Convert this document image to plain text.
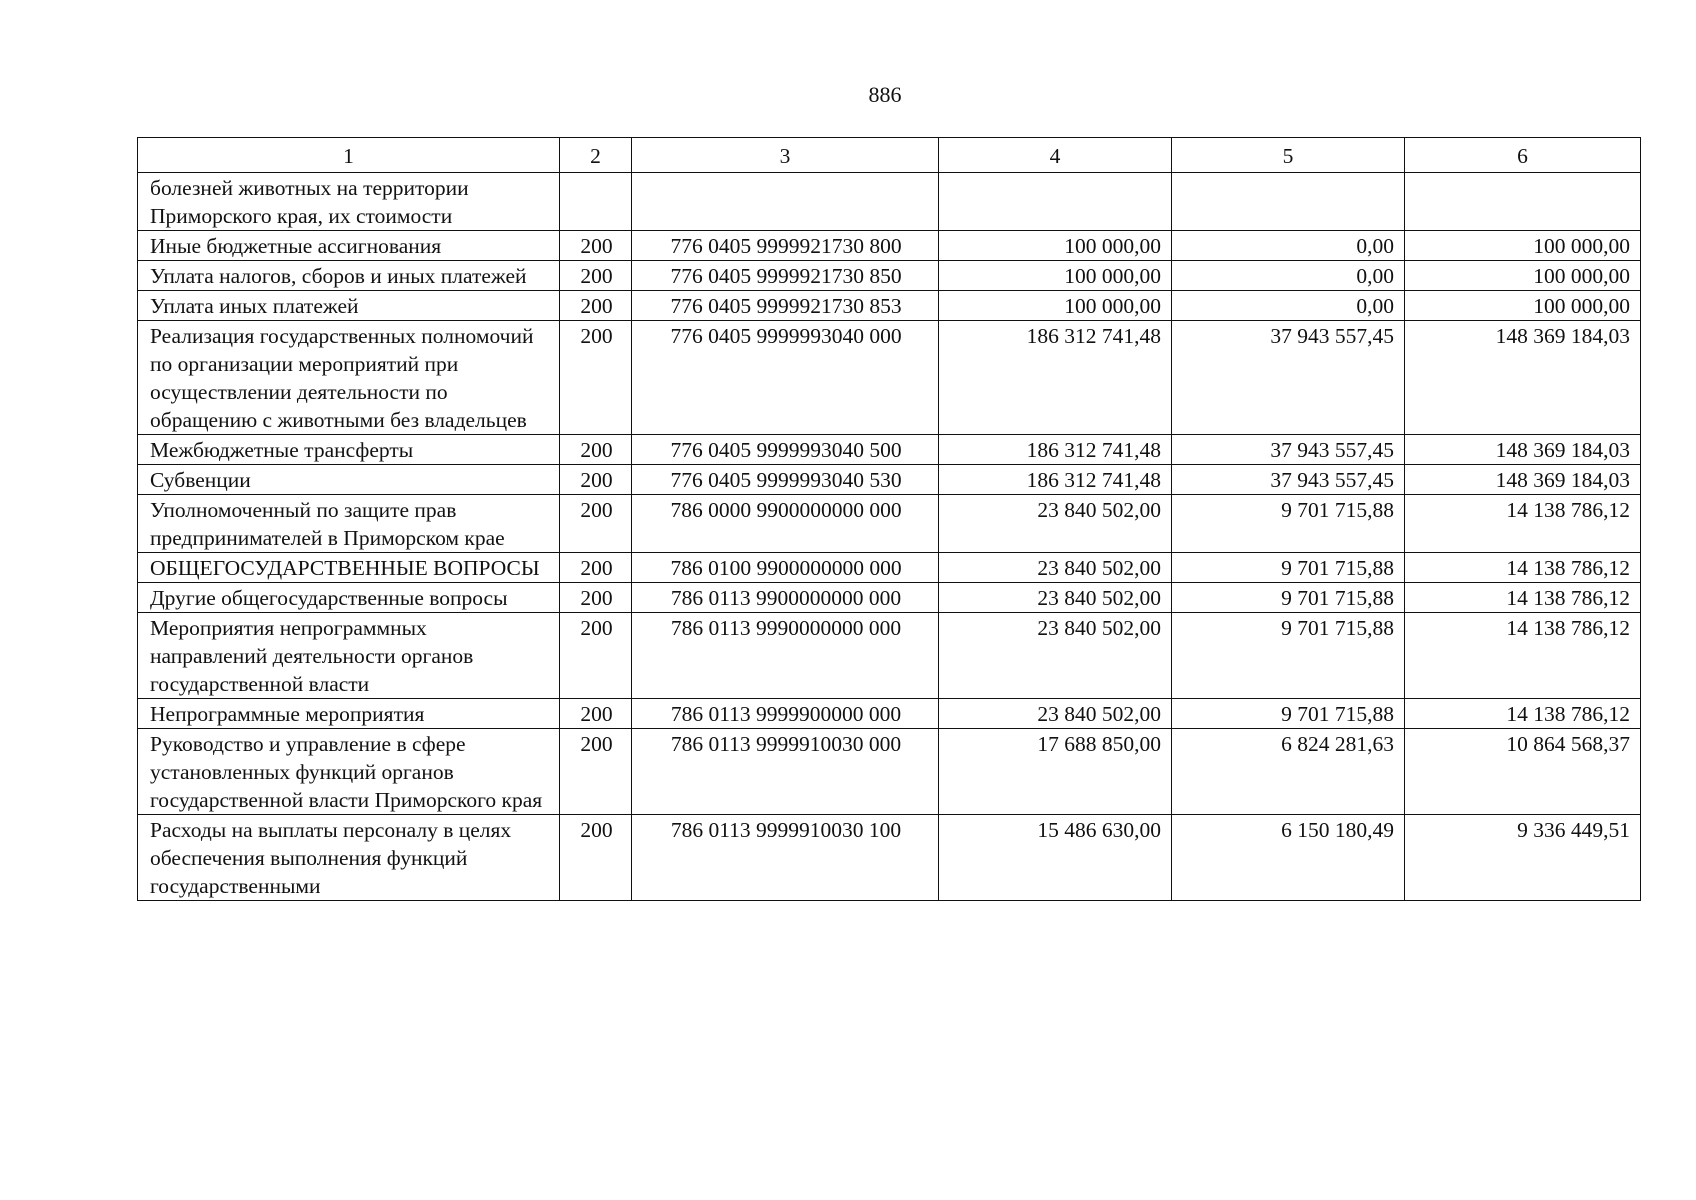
886
1	2	3	4	5	6
болезней животных на территории Приморского края, их стоимости					
Иные бюджетные ассигнования	200	776 0405 9999921730 800	100 000,00	0,00	100 000,00
Уплата налогов, сборов и иных платежей	200	776 0405 9999921730 850	100 000,00	0,00	100 000,00
Уплата иных платежей	200	776 0405 9999921730 853	100 000,00	0,00	100 000,00
Реализация государственных полномочий по организации мероприятий при осуществлении деятельности по обращению с животными без владельцев	200	776 0405 9999993040 000	186 312 741,48	37 943 557,45	148 369 184,03
Межбюджетные трансферты	200	776 0405 9999993040 500	186 312 741,48	37 943 557,45	148 369 184,03
Субвенции	200	776 0405 9999993040 530	186 312 741,48	37 943 557,45	148 369 184,03
Уполномоченный по защите прав предпринимателей в Приморском крае	200	786 0000 9900000000 000	23 840 502,00	9 701 715,88	14 138 786,12
ОБЩЕГОСУДАРСТВЕННЫЕ ВОПРОСЫ	200	786 0100 9900000000 000	23 840 502,00	9 701 715,88	14 138 786,12
Другие общегосударственные вопросы	200	786 0113 9900000000 000	23 840 502,00	9 701 715,88	14 138 786,12
Мероприятия непрограммных направлений деятельности органов государственной власти	200	786 0113 9990000000 000	23 840 502,00	9 701 715,88	14 138 786,12
Непрограммные мероприятия	200	786 0113 9999900000 000	23 840 502,00	9 701 715,88	14 138 786,12
Руководство и управление в сфере установленных функций органов государственной власти Приморского края	200	786 0113 9999910030 000	17 688 850,00	6 824 281,63	10 864 568,37
Расходы на выплаты персоналу в целях обеспечения выполнения функций государственными	200	786 0113 9999910030 100	15 486 630,00	6 150 180,49	9 336 449,51
